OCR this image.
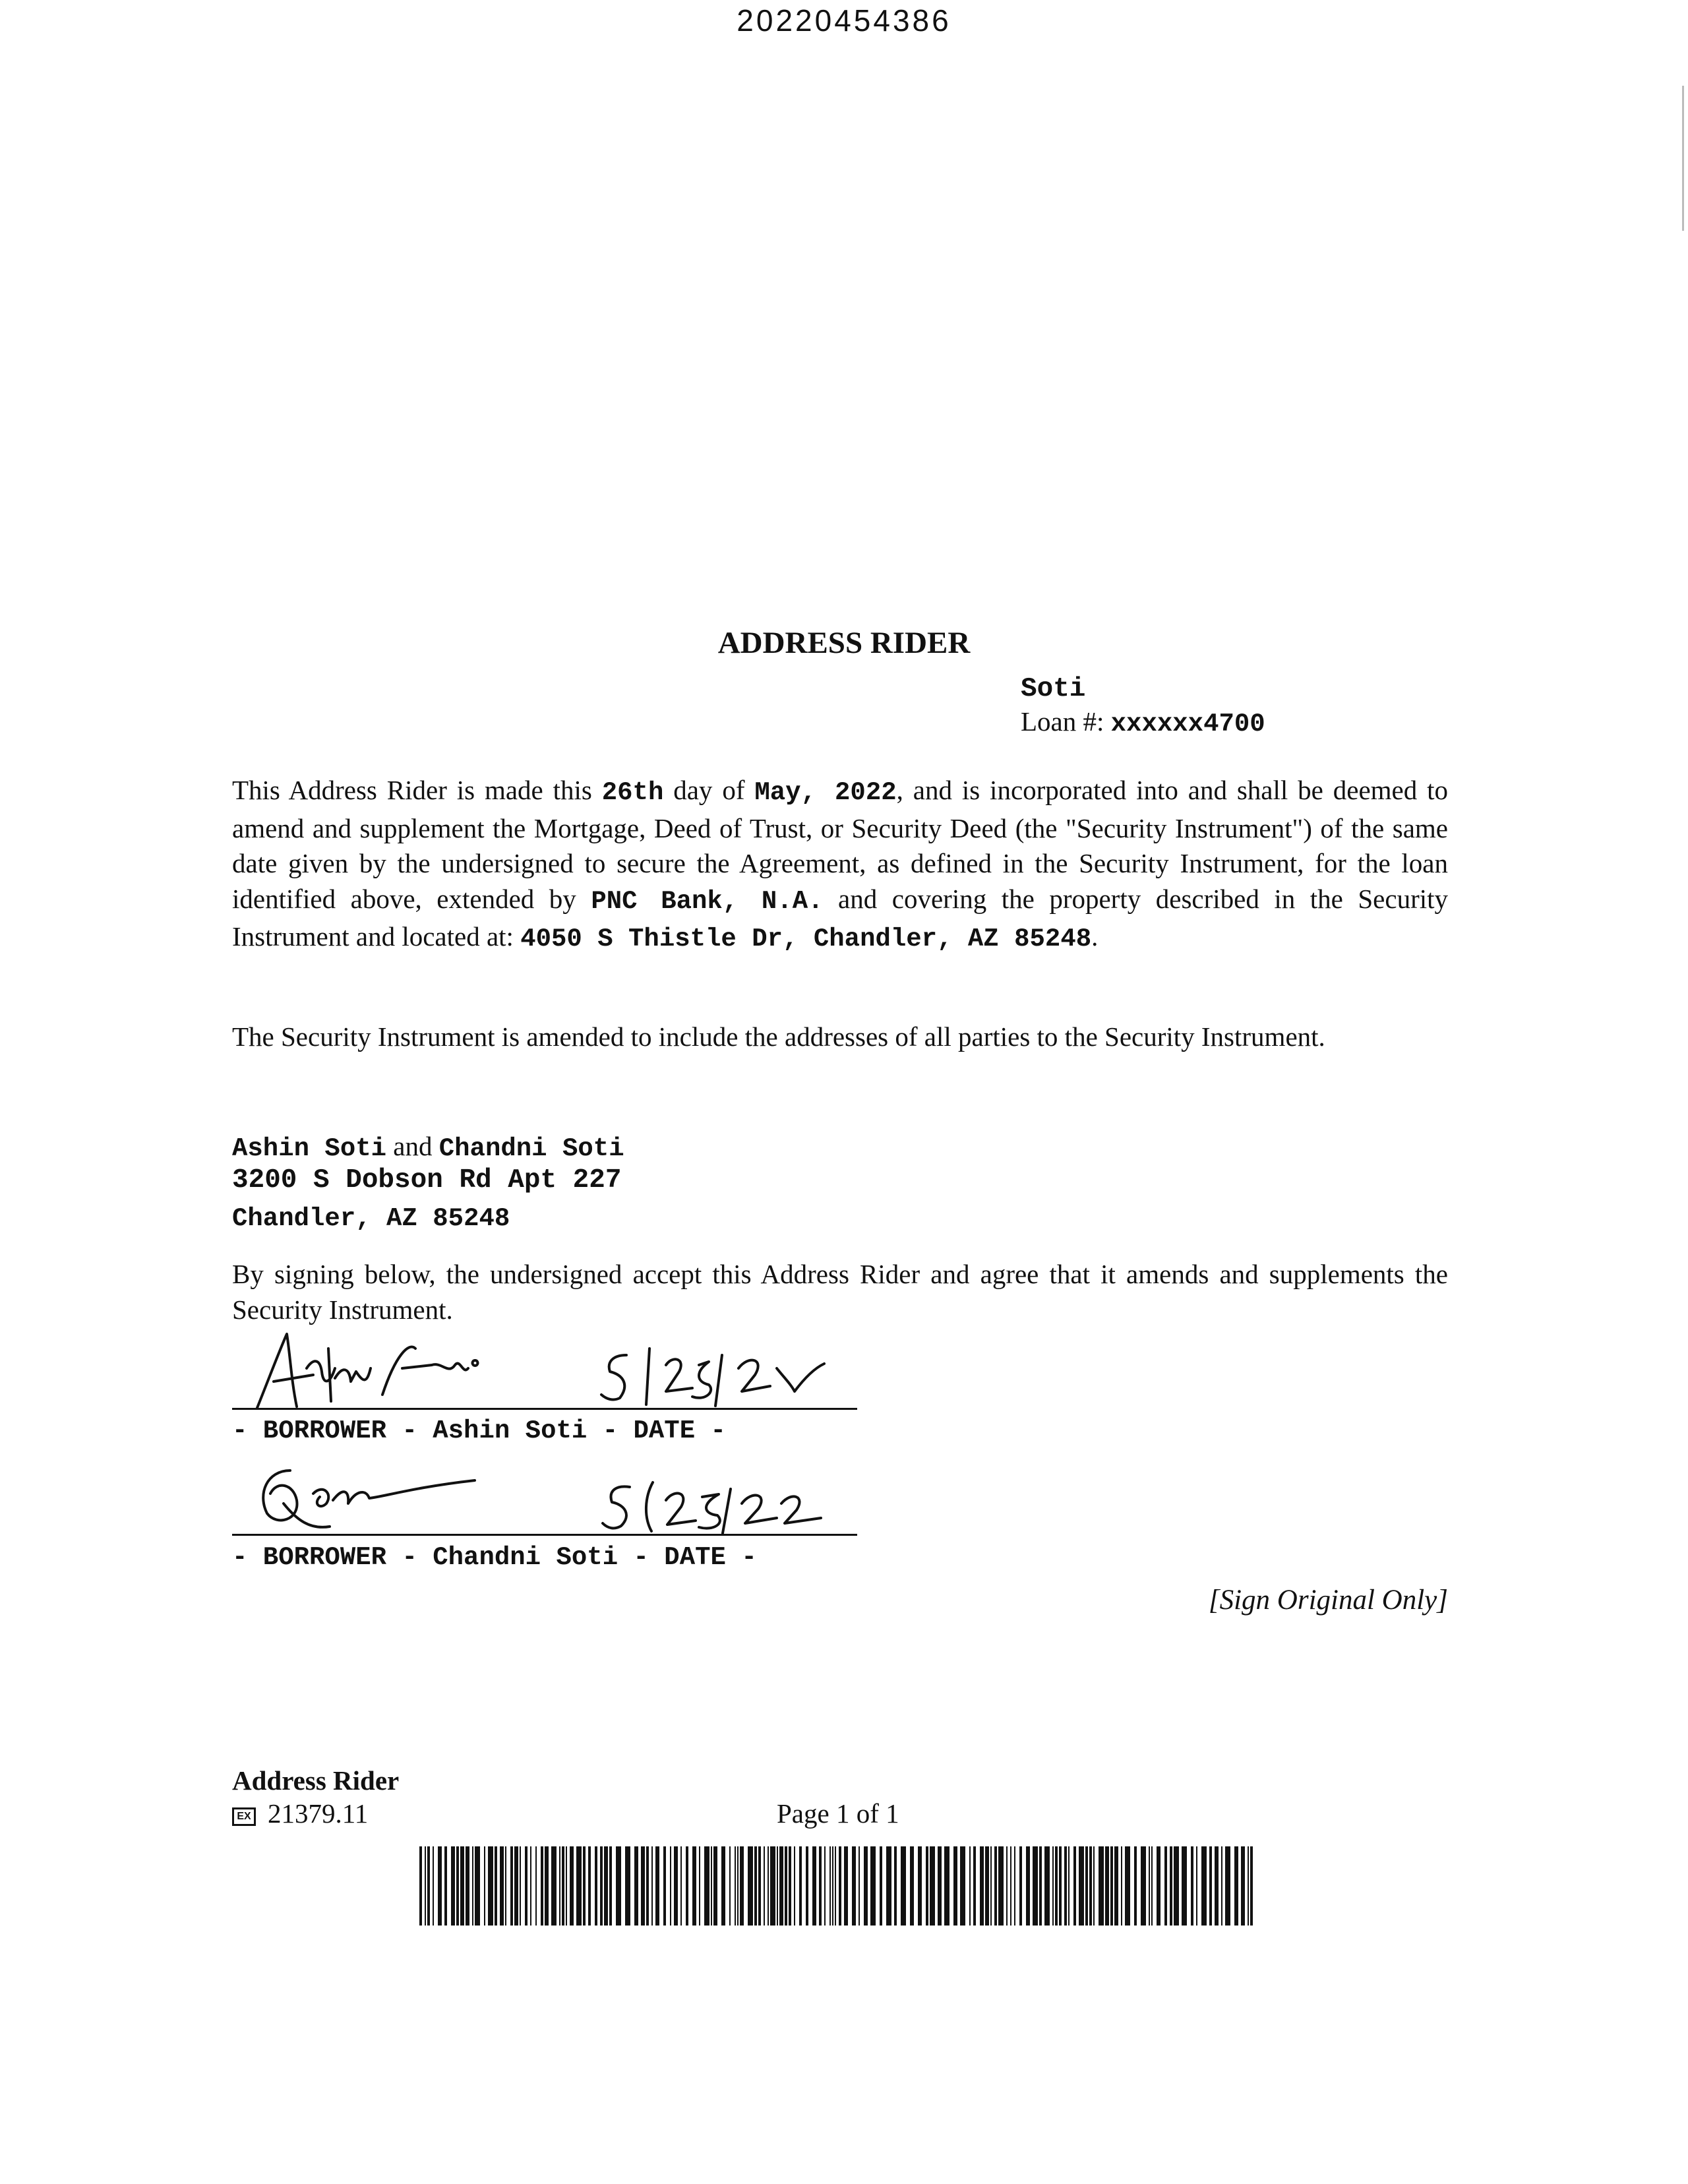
20220454386
ADDRESS RIDER
Soti
Loan #: xxxxxx4700
This Address Rider is made this 26th day of May, 2022, and is incorporated into and shall be deemed to amend and supplement the Mortgage, Deed of Trust, or Security Deed (the "Security Instrument") of the same date given by the undersigned to secure the Agreement, as defined in the Security Instrument, for the loan identified above, extended by PNC Bank, N.A. and covering the property described in the Security Instrument and located at: 4050 S Thistle Dr, Chandler, AZ 85248.
The Security Instrument is amended to include the addresses of all parties to the Security Instrument.
Ashin Soti and Chandni Soti
3200 S Dobson Rd Apt 227
Chandler, AZ 85248
By signing below, the undersigned accept this Address Rider and agree that it amends and supplements the Security Instrument.
- BORROWER - Ashin Soti - DATE -
- BORROWER - Chandni Soti - DATE -
[Sign Original Only]
Address Rider
EX 21379.11	Page 1 of 1
